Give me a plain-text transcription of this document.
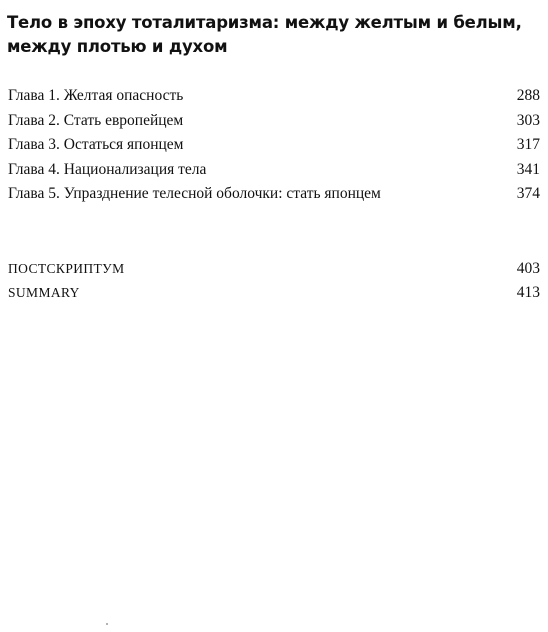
Тело в эпоху тоталитаризма: между желтым и белым, между плотью и духом
Глава 1. Желтая опасность	288
Глава 2. Стать европейцем	303
Глава 3. Остаться японцем	317
Глава 4. Национализация тела	341
Глава 5. Упразднение телесной оболочки: стать японцем	374
ПОСТСКРИПТУМ	403
SUMMARY	413
